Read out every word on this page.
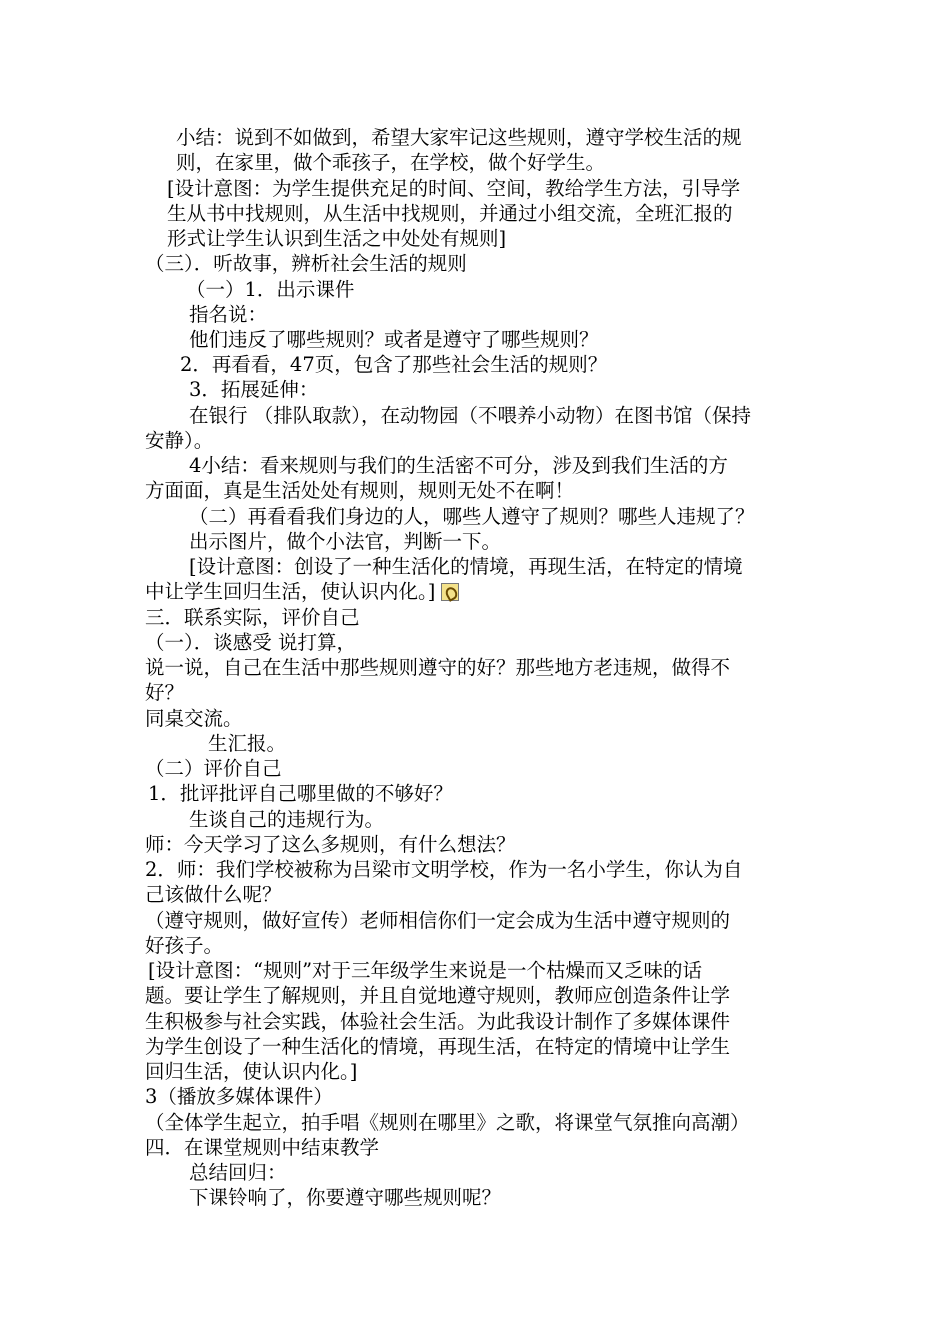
小结：说到不如做到，希望大家牢记这些规则，遵守学校生活的规
则，在家里，做个乖孩子，在学校，做个好学生。
[设计意图：为学生提供充足的时间、空间，教给学生方法，引导学
生从书中找规则，从生活中找规则，并通过小组交流，全班汇报的
形式让学生认识到生活之中处处有规则]
（三）．听故事，辨析社会生活的规则
（一）1．出示课件
指名说：
他们违反了哪些规则？或者是遵守了哪些规则？
2．再看看，47页，包含了那些社会生活的规则？
3．拓展延伸：
在银行 （排队取款），在动物园（不喂养小动物）在图书馆（保持
安静）。
4小结：看来规则与我们的生活密不可分，涉及到我们生活的方
方面面，真是生活处处有规则，规则无处不在啊！
（二）再看看我们身边的人，哪些人遵守了规则？哪些人违规了？
出示图片，做个小法官，判断一下。
[设计意图：创设了一种生活化的情境，再现生活，在特定的情境
中让学生回归生活，使认识内化。]
三．联系实际，评价自己
（一）．谈感受 说打算，
说一说，自己在生活中那些规则遵守的好？那些地方老违规，做得不
好？
同桌交流。
生汇报。
（二）评价自己
1．批评批评自己哪里做的不够好？
生谈自己的违规行为。
师：今天学习了这么多规则，有什么想法？
2．师：我们学校被称为吕梁市文明学校，作为一名小学生，你认为自
己该做什么呢？
（遵守规则，做好宣传）老师相信你们一定会成为生活中遵守规则的
好孩子。
[设计意图：“规则”对于三年级学生来说是一个枯燥而又乏味的话
题。要让学生了解规则，并且自觉地遵守规则，教师应创造条件让学
生积极参与社会实践，体验社会生活。为此我设计制作了多媒体课件
为学生创设了一种生活化的情境，再现生活，在特定的情境中让学生
回归生活，使认识内化。]
3（播放多媒体课件）
（全体学生起立，拍手唱《规则在哪里》之歌，将课堂气氛推向高潮）
四．在课堂规则中结束教学
总结回归：
下课铃响了，你要遵守哪些规则呢？
